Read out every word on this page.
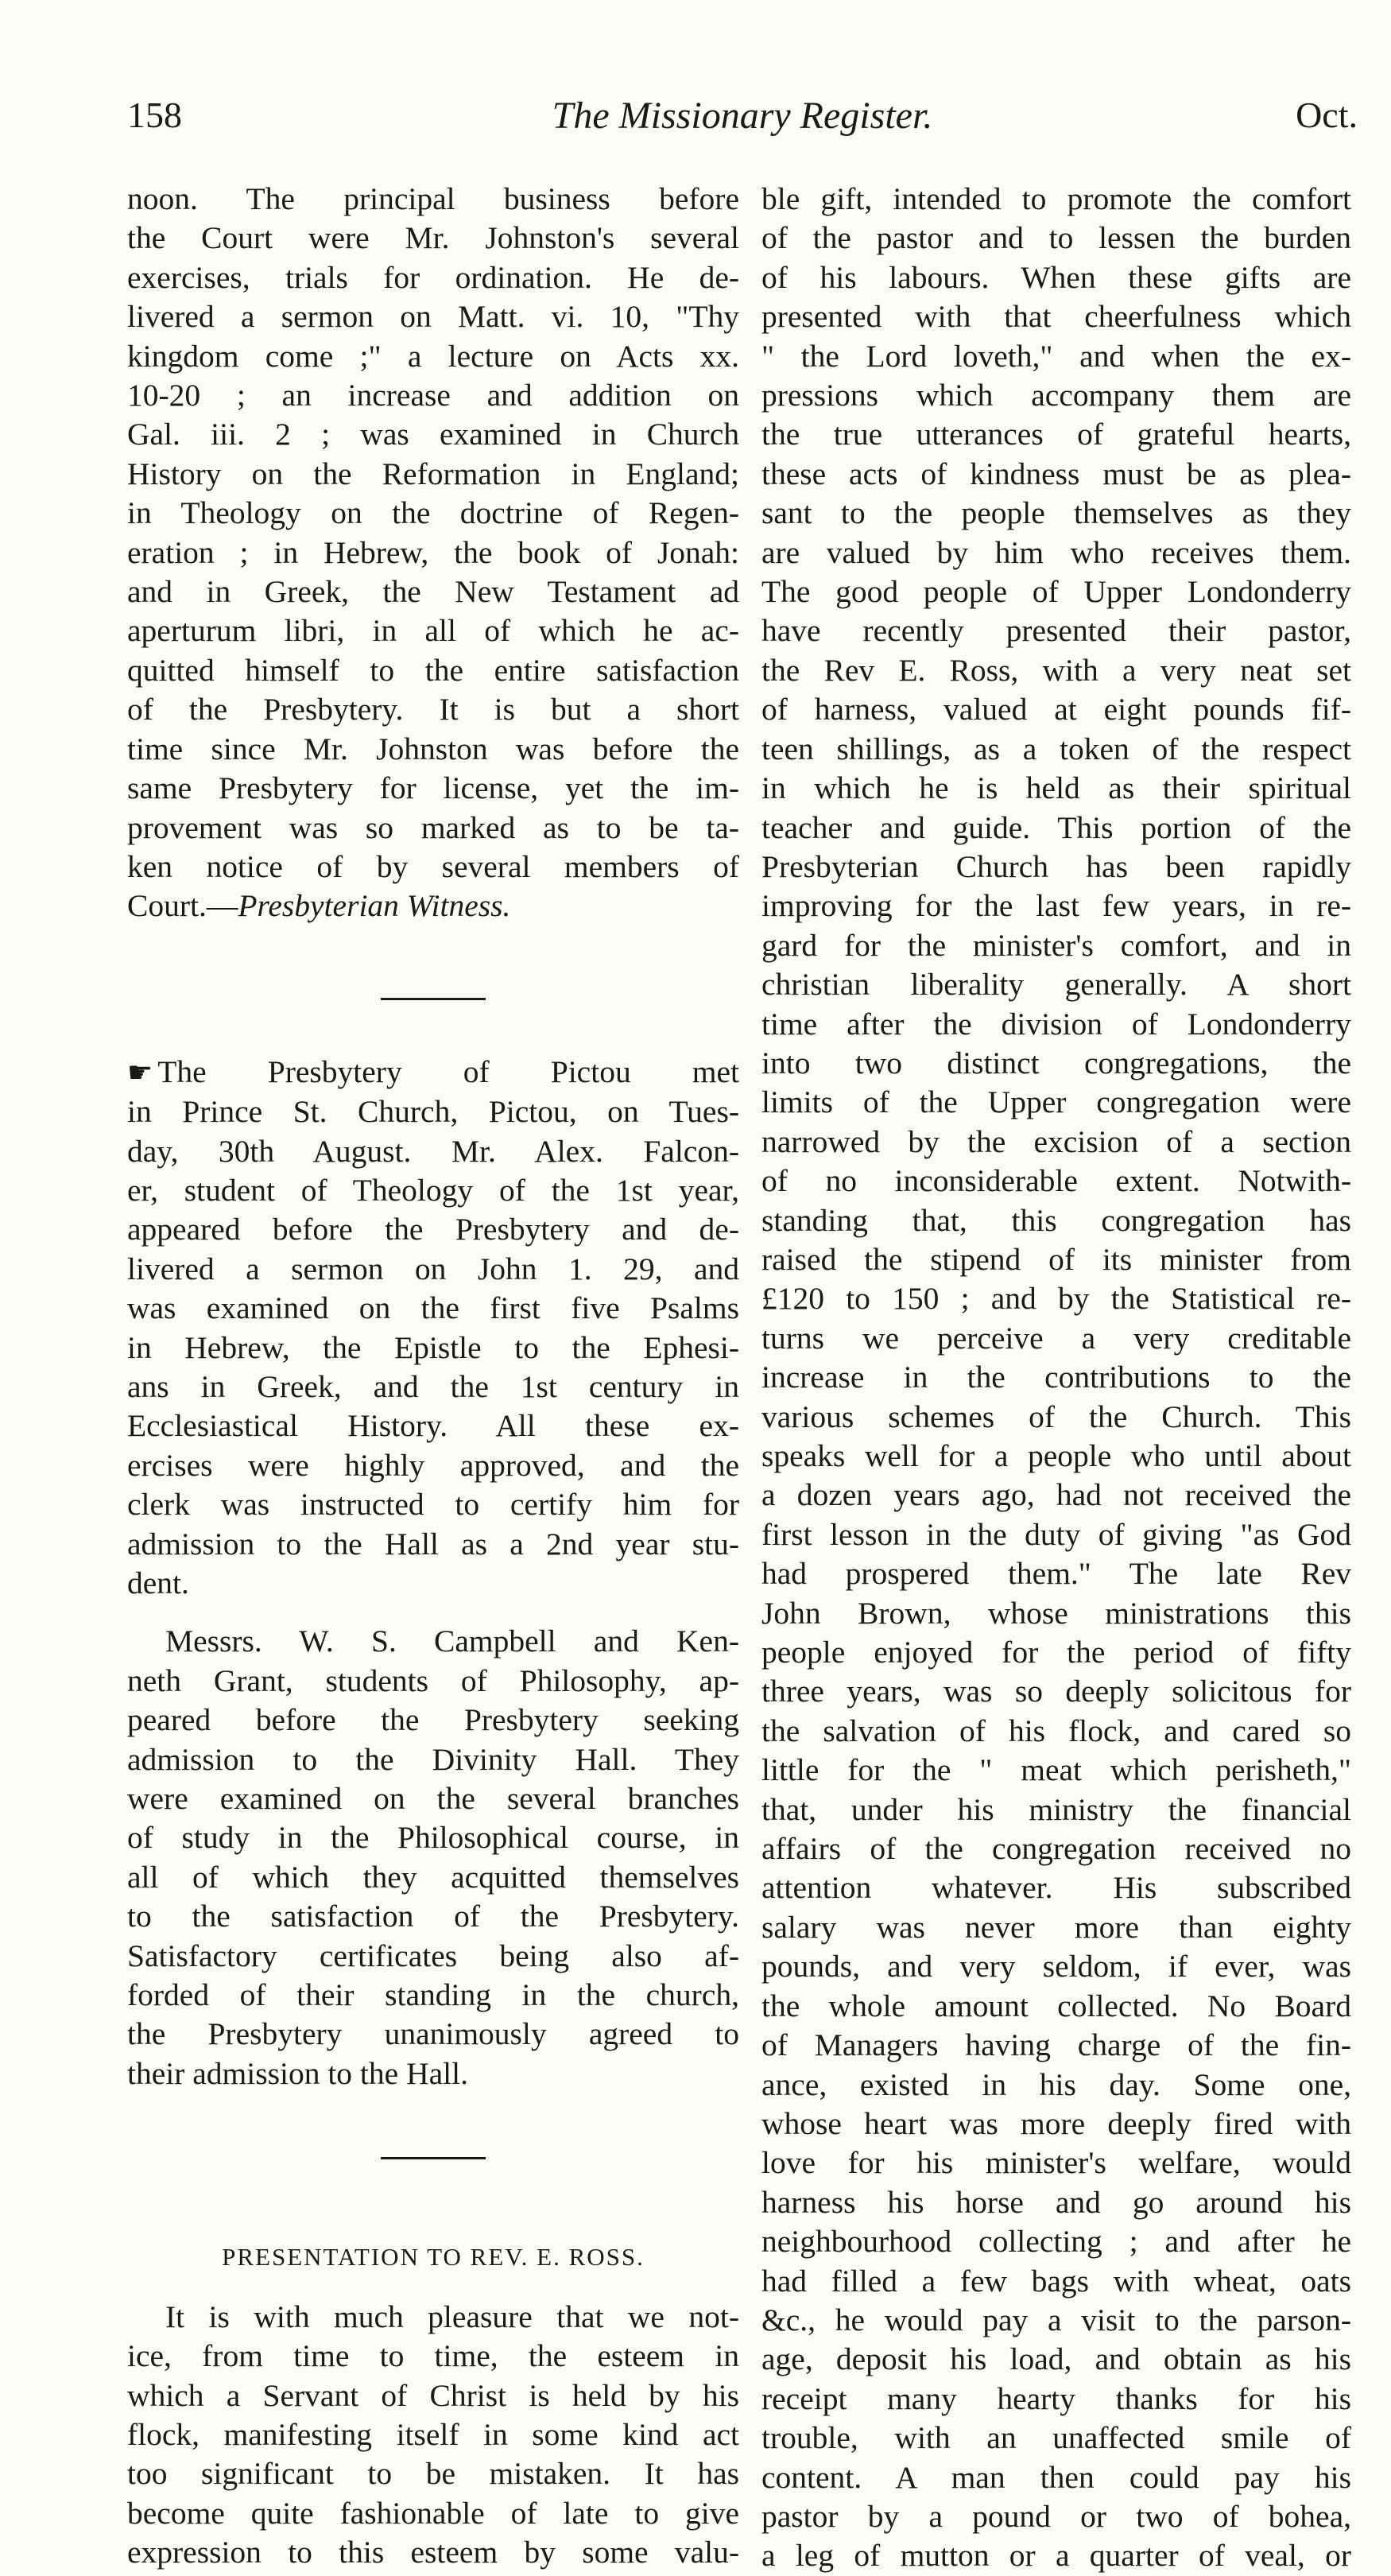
158	The Missionary Register.	Oct.
noon. The principal business before
the Court were Mr. Johnston's several
exercises, trials for ordination. He de-
livered a sermon on Matt. vi. 10, "Thy
kingdom come ;" a lecture on Acts xx.
10-20 ; an increase and addition on
Gal. iii. 2 ; was examined in Church
History on the Reformation in England;
in Theology on the doctrine of Regen-
eration ; in Hebrew, the book of Jonah:
and in Greek, the New Testament ad
aperturum libri, in all of which he ac-
quitted himself to the entire satisfaction
of the Presbytery. It is but a short
time since Mr. Johnston was before the
same Presbytery for license, yet the im-
provement was so marked as to be ta-
ken notice of by several members of
Court.—Presbyterian Witness.
☛ The Presbytery of Pictou met
in Prince St. Church, Pictou, on Tues-
day, 30th August. Mr. Alex. Falcon-
er, student of Theology of the 1st year,
appeared before the Presbytery and de-
livered a sermon on John 1. 29, and
was examined on the first five Psalms
in Hebrew, the Epistle to the Ephesi-
ans in Greek, and the 1st century in
Ecclesiastical History. All these ex-
ercises were highly approved, and the
clerk was instructed to certify him for
admission to the Hall as a 2nd year stu-
dent.
Messrs. W. S. Campbell and Ken-
neth Grant, students of Philosophy, ap-
peared before the Presbytery seeking
admission to the Divinity Hall. They
were examined on the several branches
of study in the Philosophical course, in
all of which they acquitted themselves
to the satisfaction of the Presbytery.
Satisfactory certificates being also af-
forded of their standing in the church,
the Presbytery unanimously agreed to
their admission to the Hall.
PRESENTATION TO REV. E. ROSS.
It is with much pleasure that we not-
ice, from time to time, the esteem in
which a Servant of Christ is held by his
flock, manifesting itself in some kind act
too significant to be mistaken. It has
become quite fashionable of late to give
expression to this esteem by some valu-
ble gift, intended to promote the comfort
of the pastor and to lessen the burden
of his labours. When these gifts are
presented with that cheerfulness which
" the Lord loveth," and when the ex-
pressions which accompany them are
the true utterances of grateful hearts,
these acts of kindness must be as plea-
sant to the people themselves as they
are valued by him who receives them.
The good people of Upper Londonderry
have recently presented their pastor,
the Rev E. Ross, with a very neat set
of harness, valued at eight pounds fif-
teen shillings, as a token of the respect
in which he is held as their spiritual
teacher and guide. This portion of the
Presbyterian Church has been rapidly
improving for the last few years, in re-
gard for the minister's comfort, and in
christian liberality generally. A short
time after the division of Londonderry
into two distinct congregations, the
limits of the Upper congregation were
narrowed by the excision of a section
of no inconsiderable extent. Notwith-
standing that, this congregation has
raised the stipend of its minister from
£120 to 150 ; and by the Statistical re-
turns we perceive a very creditable
increase in the contributions to the
various schemes of the Church. This
speaks well for a people who until about
a dozen years ago, had not received the
first lesson in the duty of giving "as God
had prospered them." The late Rev
John Brown, whose ministrations this
people enjoyed for the period of fifty
three years, was so deeply solicitous for
the salvation of his flock, and cared so
little for the " meat which perisheth,"
that, under his ministry the financial
affairs of the congregation received no
attention whatever. His subscribed
salary was never more than eighty
pounds, and very seldom, if ever, was
the whole amount collected. No Board
of Managers having charge of the fin-
ance, existed in his day. Some one,
whose heart was more deeply fired with
love for his minister's welfare, would
harness his horse and go around his
neighbourhood collecting ; and after he
had filled a few bags with wheat, oats
&c., he would pay a visit to the parson-
age, deposit his load, and obtain as his
receipt many hearty thanks for his
trouble, with an unaffected smile of
content. A man then could pay his
pastor by a pound or two of bohea,
a leg of mutton or a quarter of veal, or
